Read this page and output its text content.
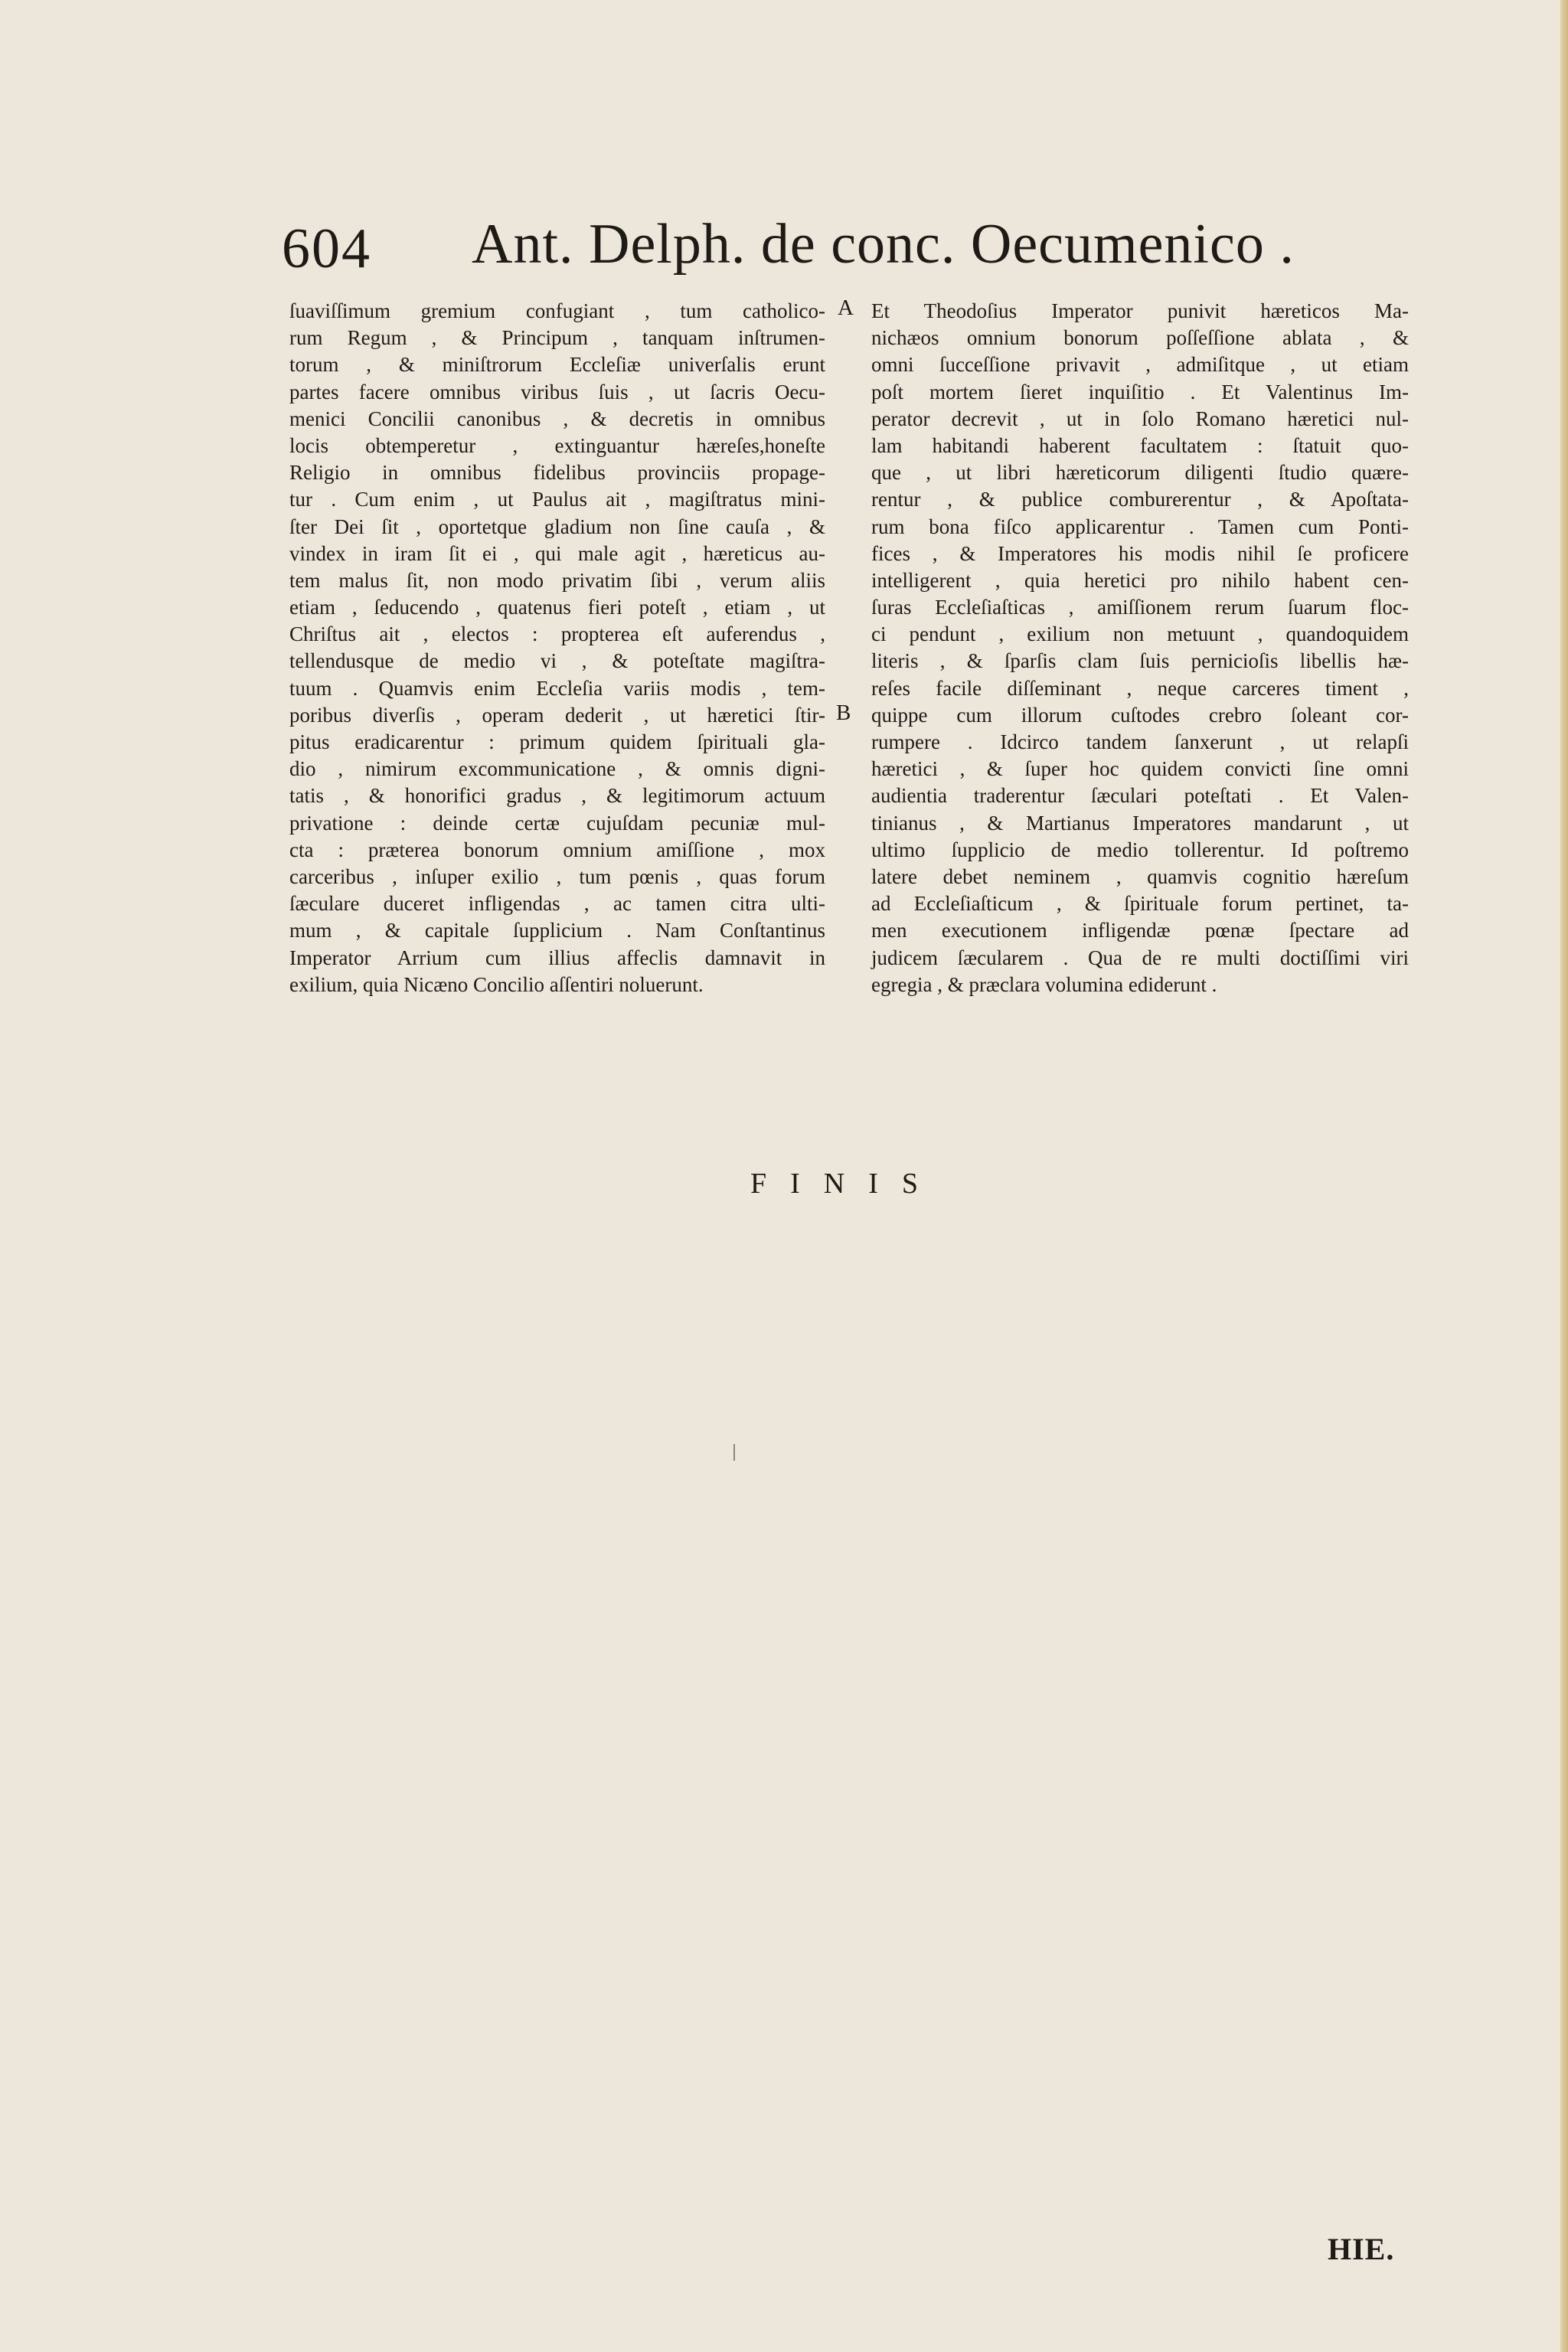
604 Ant. Delph. de conc. Oecumenico .
ſuaviſſimum gremium confugiant , tum catholico-
rum Regum , & Principum , tanquam inſtrumen-
torum , & miniſtrorum Eccleſiæ univerſalis erunt
partes facere omnibus viribus ſuis , ut ſacris Oecu-
menici Concilii canonibus , & decretis in omnibus
locis obtemperetur , extinguantur hæreſes,honeſte
Religio in omnibus fidelibus provinciis propage-
tur . Cum enim , ut Paulus ait , magiſtratus mini-
ſter Dei ſit , oportetque gladium non ſine cauſa , &
vindex in iram ſit ei , qui male agit , hæreticus au-
tem malus ſit, non modo privatim ſibi , verum aliis
etiam , ſeducendo , quatenus fieri poteſt , etiam , ut
Chriſtus ait , electos : propterea eſt auferendus ,
tellendusque de medio vi , & poteſtate magiſtra-
tuum . Quamvis enim Eccleſia variis modis , tem-
poribus diverſis , operam dederit , ut hæretici ſtir-
pitus eradicarentur : primum quidem ſpirituali gla-
dio , nimirum excommunicatione , & omnis digni-
tatis , & honorifici gradus , & legitimorum actuum
privatione : deinde certæ cujuſdam pecuniæ mul-
cta : præterea bonorum omnium amiſſione , mox
carceribus , inſuper exilio , tum pœnis , quas forum
ſæculare duceret infligendas , ac tamen citra ulti-
mum , & capitale ſupplicium . Nam Conſtantinus
Imperator Arrium cum illius affeclis damnavit in
exilium, quia Nicæno Concilio aſſentiri noluerunt.
A
B
Et Theodoſius Imperator punivit hæreticos Ma-
nichæos omnium bonorum poſſeſſione ablata , &
omni ſucceſſione privavit , admiſitque , ut etiam
poſt mortem ſieret inquiſitio . Et Valentinus Im-
perator decrevit , ut in ſolo Romano hæretici nul-
lam habitandi haberent facultatem : ſtatuit quo-
que , ut libri hæreticorum diligenti ſtudio quære-
rentur , & publice comburerentur , & Apoſtata-
rum bona fiſco applicarentur . Tamen cum Ponti-
fices , & Imperatores his modis nihil ſe proficere
intelligerent , quia heretici pro nihilo habent cen-
ſuras Eccleſiaſticas , amiſſionem rerum ſuarum floc-
ci pendunt , exilium non metuunt , quandoquidem
literis , & ſparſis clam ſuis pernicioſis libellis hæ-
reſes facile diſſeminant , neque carceres timent ,
quippe cum illorum cuſtodes crebro ſoleant cor-
rumpere . Idcirco tandem ſanxerunt , ut relapſi
hæretici , & ſuper hoc quidem convicti ſine omni
audientia traderentur ſæculari poteſtati . Et Valen-
tinianus , & Martianus Imperatores mandarunt , ut
ultimo ſupplicio de medio tollerentur. Id poſtremo
latere debet neminem , quamvis cognitio hæreſum
ad Eccleſiaſticum , & ſpirituale forum pertinet, ta-
men executionem infligendæ pœnæ ſpectare ad
judicem ſæcularem . Qua de re multi doctiſſimi viri
egregia , & præclara volumina ediderunt .
FINIS
HIE.
